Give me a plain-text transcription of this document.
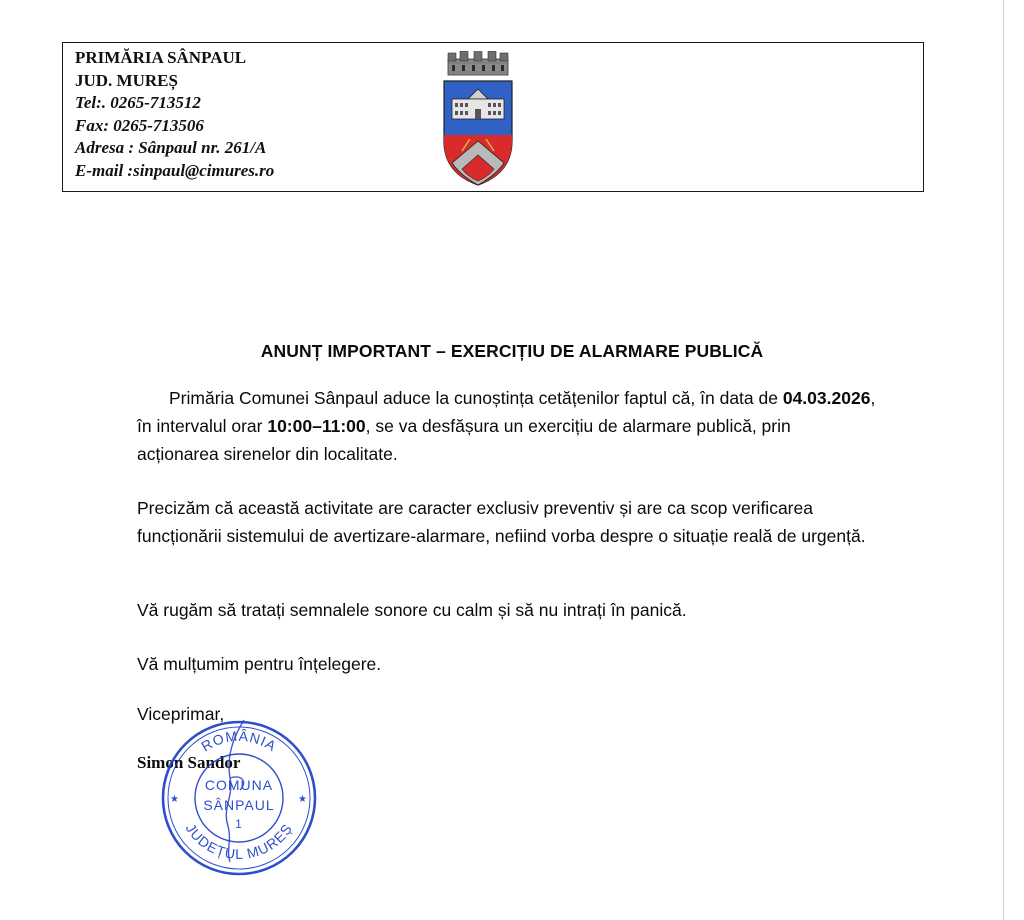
PRIMĂRIA SÂNPAUL
JUD. MUREȘ
Tel:. 0265-713512
Fax: 0265-713506
Adresa : Sânpaul nr. 261/A
E-mail :sinpaul@cimures.ro
ANUNȚ IMPORTANT – EXERCIȚIU DE ALARMARE PUBLICĂ
Primăria Comunei Sânpaul aduce la cunoștința cetățenilor faptul că, în data de 04.03.2026, în intervalul orar 10:00–11:00, se va desfășura un exercițiu de alarmare publică, prin acționarea sirenelor din localitate.
Precizăm că această activitate are caracter exclusiv preventiv și are ca scop verificarea funcționării sistemului de avertizare-alarmare, nefiind vorba despre o situație reală de urgență.
Vă rugăm să tratați semnalele sonore cu calm și să nu intrați în panică.
Vă mulțumim pentru înțelegere.
Viceprimar,
Simon Sandor
ROMÂNIA
JUDEȚUL MUREȘ
COMUNA
SÂNPAUL
1
★	★
